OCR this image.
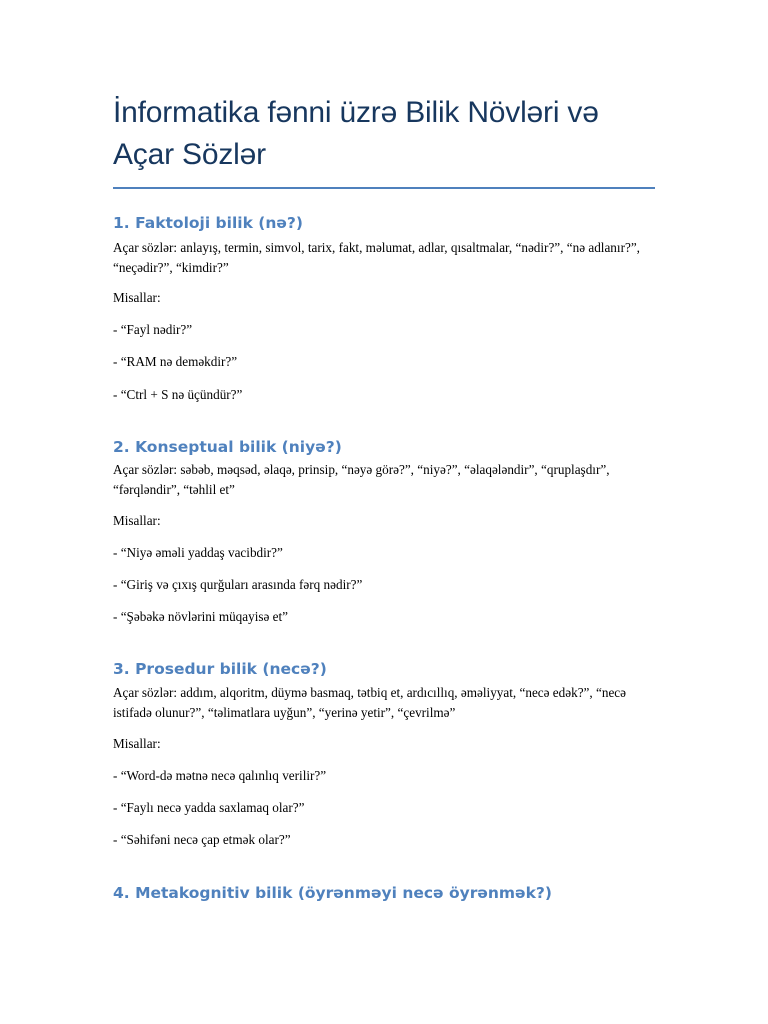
İnformatika fənni üzrə Bilik Növləri və Açar Sözlər
1. Faktoloji bilik (nə?)

Açar sözlər: anlayış, termin, simvol, tarix, fakt, məlumat, adlar, qısaltmalar, “nədir?”, “nə adlanır?”, “neçədir?”, “kimdir?”

Misallar:

- “Fayl nədir?”

- “RAM nə deməkdir?”

- “Ctrl + S nə üçündür?”

2. Konseptual bilik (niyə?)

Açar sözlər: səbəb, məqsəd, əlaqə, prinsip, “nəyə görə?”, “niyə?”, “əlaqələndir”, “qruplaşdır”, “fərqləndir”, “təhlil et”

Misallar:

- “Niyə əməli yaddaş vacibdir?”

- “Giriş və çıxış qurğuları arasında fərq nədir?”

- “Şəbəkə növlərini müqayisə et”

3. Prosedur bilik (necə?)

Açar sözlər: addım, alqoritm, düymə basmaq, tətbiq et, ardıcıllıq, əməliyyat, “necə edək?”, “necə istifadə olunur?”, “təlimatlara uyğun”, “yerinə yetir”, “çevrilmə”

Misallar:

- “Word-də mətnə necə qalınlıq verilir?”

- “Faylı necə yadda saxlamaq olar?”

- “Səhifəni necə çap etmək olar?”

4. Metakognitiv bilik (öyrənməyi necə öyrənmək?)
